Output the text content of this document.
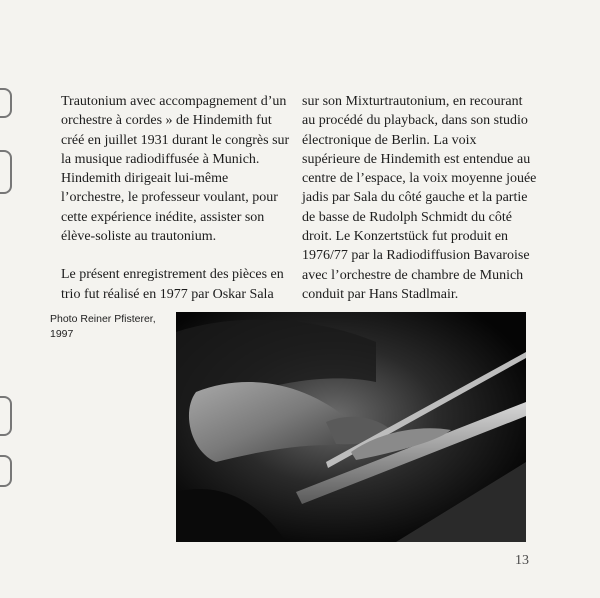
Trautonium avec accompagnement d’un orchestre à cordes » de Hindemith fut créé en juillet 1931 durant le congrès sur la musique radiodiffusée à Munich. Hindemith dirigeait lui-même l’orchestre, le professeur voulant, pour cette expérience inédite, assister son élève-soliste au trautonium.

Le présent enregistrement des pièces en trio fut réalisé en 1977 par Oskar Sala

sur son Mixturtrautonium, en recourant au procédé du playback, dans son studio électronique de Berlin. La voix supérieure de Hindemith est entendue au centre de l’espace, la voix moyenne jouée jadis par Sala du côté gauche et la partie de basse de Rudolph Schmidt du côté droit. Le Konzertstück fut produit en 1976/77 par la Radiodiffusion Bavaroise avec l’orchestre de chambre de Munich conduit par Hans Stadlmair.

Photo Reiner Pfisterer, 1997
13
